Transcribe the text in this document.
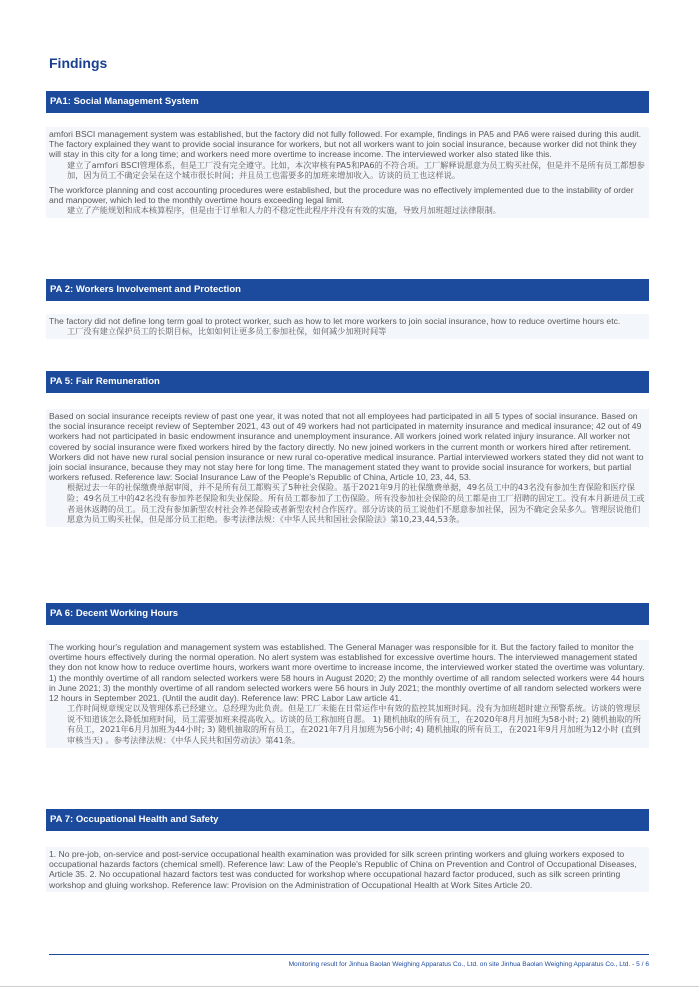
Findings
PA1: Social Management System

amfori BSCI management system was established, but the factory did not fully followed. For example, findings in PA5 and PA6 were raised during this audit. The factory explained they want to provide social insurance for workers, but not all workers want to join social insurance, because worker did not think they will stay in this city for a long time; and workers need more overtime to increase income. The interviewed worker also stated like this.

建立了amfori BSCI管理体系，但是工厂没有完全遵守。比如，本次审核有PA5和PA6的不符合项。工厂解释说愿意为员工购买社保，但是并不是所有员工都想参加，因为员工不确定会呆在这个城市很长时间；并且员工也需要多的加班来增加收入。访谈的员工也这样说。

The workforce planning and cost accounting procedures were established, but the procedure was no effectively implemented due to the instability of order and manpower, which led to the monthly overtime hours exceeding legal limit.

建立了产能规划和成本核算程序，但是由于订单和人力的不稳定性此程序并没有有效的实施，导致月加班超过法律限制。

PA 2: Workers Involvement and Protection

The factory did not define long term goal to protect worker, such as how to let more workers to join social insurance, how to reduce overtime hours etc.

工厂没有建立保护员工的长期目标，比如如何让更多员工参加社保，如何减少加班时间等

PA 5: Fair Remuneration

Based on social insurance receipts review of past one year, it was noted that not all employees had participated in all 5 types of social insurance. Based on the social insurance receipt review of September 2021, 43 out of 49 workers had not participated in maternity insurance and medical insurance; 42 out of 49 workers had not participated in basic endowment insurance and unemployment insurance. All workers joined work related injury insurance. All worker not covered by social insurance were fixed workers hired by the factory directly. No new joined workers in the current month or workers hired after retirement. Workers did not have new rural social pension insurance or new rural co-operative medical insurance. Partial interviewed workers stated they did not want to join social insurance, because they may not stay here for long time. The management stated they want to provide social insurance for workers, but partial workers refused. Reference law: Social Insurance Law of the People's Republic of China, Article 10, 23, 44, 53.

根据过去一年的社保缴费单据审阅，并不是所有员工都购买了5种社会保险。基于2021年9月的社保缴费单据，49名员工中的43名没有参加生育保险和医疗保险；49名员工中的42名没有参加养老保险和失业保险。所有员工都参加了工伤保险。所有没参加社会保险的员工都是由工厂招聘的固定工。没有本月新进员工或者退休返聘的员工。员工没有参加新型农村社会养老保险或者新型农村合作医疗。部分访谈的员工说他们不愿意参加社保，因为不确定会呆多久。管理层说他们愿意为员工购买社保，但是部分员工拒绝。参考法律法规：《中华人民共和国社会保险法》第10,23,44,53条。

PA 6: Decent Working Hours

The working hour's regulation and management system was established. The General Manager was responsible for it. But the factory failed to monitor the overtime hours effectively during the normal operation. No alert system was established for excessive overtime hours. The interviewed management stated they don not know how to reduce overtime hours, workers want more overtime to increase income, the interviewed worker stated the overtime was voluntary. 1) the monthly overtime of all random selected workers were 58 hours in August 2020; 2) the monthly overtime of all random selected workers were 44 hours in June 2021; 3) the monthly overtime of all random selected workers were 56 hours in July 2021; the monthly overtime of all random selected workers were 12 hours in September 2021. (Until the audit day). Reference law: PRC Labor Law article 41.

工作时间规章规定以及管理体系已经建立。总经理为此负责。但是工厂未能在日常运作中有效的监控其加班时间。没有为加班超时建立预警系统。访谈的管理层说不知道该怎么降低加班时间，员工需要加班来提高收入。访谈的员工称加班自愿。 1) 随机抽取的所有员工，在2020年8月月加班为58小时; 2) 随机抽取的所有员工，2021年6月月加班为44小时; 3) 随机抽取的所有员工，在2021年7月月加班为56小时; 4) 随机抽取的所有员工，在2021年9月月加班为12小时 (直到审核当天) 。参考法律法规：《中华人民共和国劳动法》第41条。

PA 7: Occupational Health and Safety

1. No pre-job, on-service and post-service occupational health examination was provided for silk screen printing workers and gluing workers exposed to occupational hazards factors (chemical smell). Reference law: Law of the People's Republic of China on Prevention and Control of Occupational Diseases, Article 35. 2. No occupational hazard factors test was conducted for workshop where occupational hazard factor produced, such as silk screen printing workshop and gluing workshop. Reference law: Provision on the Administration of Occupational Health at Work Sites Article 20.

Monitoring result for Jinhua Baolan Weighing Apparatus Co., Ltd. on site Jinhua Baolan Weighing Apparatus Co., Ltd. - 5 / 6
